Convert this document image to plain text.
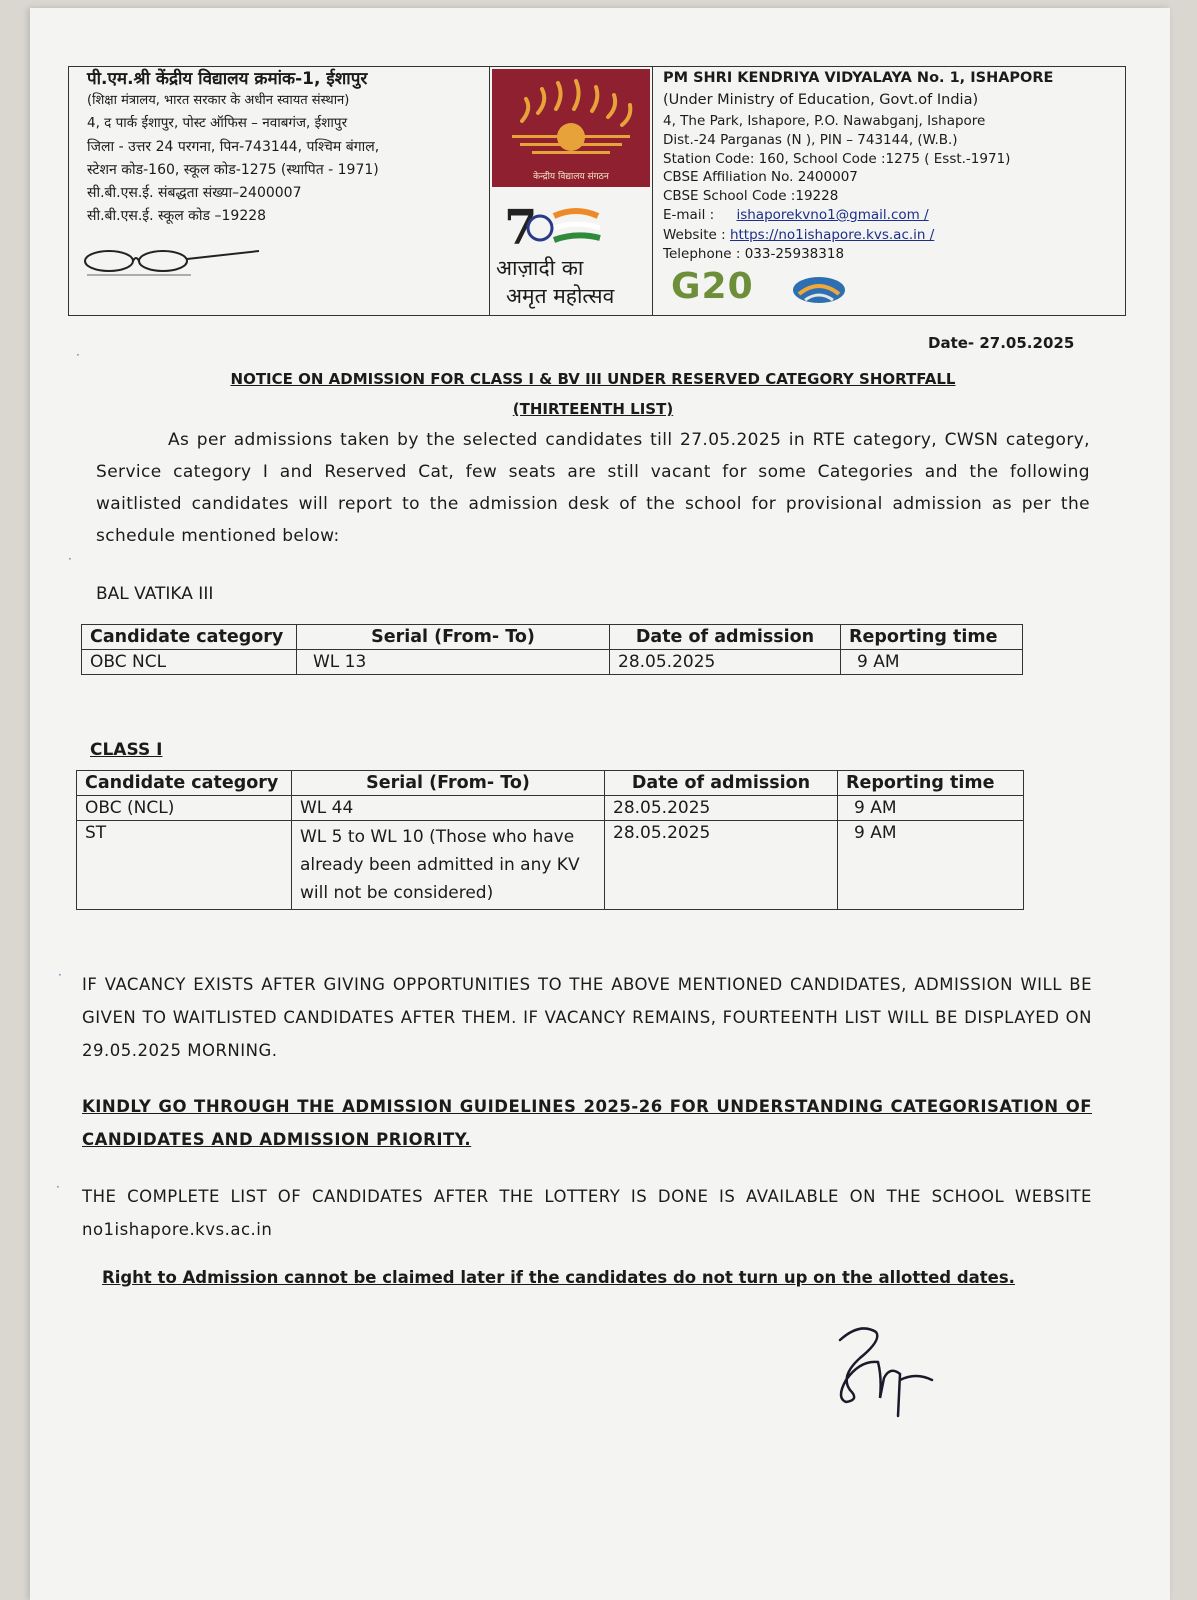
पी.एम.श्री केंद्रीय विद्यालय क्रमांक-1, ईशापुर
(शिक्षा मंत्रालय, भारत सरकार के अधीन स्वायत संस्थान)
4, द पार्क ईशापुर, पोस्ट ऑफिस – नवाबगंज, ईशापुर
जिला - उत्तर 24 परगना, पिन-743144, पश्चिम बंगाल,
स्टेशन कोड-160, स्कूल कोड-1275 (स्थापित - 1971)
सी.बी.एस.ई. संबद्धता संख्या–2400007
सी.बी.एस.ई. स्कूल कोड –19228
केन्द्रीय विद्यालय संगठन
7
आज़ादी का
अमृत महोत्सव
PM SHRI KENDRIYA VIDYALAYA No. 1, ISHAPORE
(Under Ministry of Education, Govt.of India)
4, The Park, Ishapore, P.O. Nawabganj, Ishapore
Dist.-24 Parganas (N ), PIN – 743144, (W.B.)
Station Code: 160, School Code :1275 ( Esst.-1971)
CBSE Affiliation No. 2400007
CBSE School Code :19228
E-mail : ishaporekvno1@gmail.com /
Website : https://no1ishapore.kvs.ac.in /
Telephone : 033-25938318
G20
Date- 27.05.2025
NOTICE ON ADMISSION FOR CLASS I & BV III UNDER RESERVED CATEGORY SHORTFALL
(THIRTEENTH LIST)
As per admissions taken by the selected candidates till 27.05.2025 in RTE category, CWSN category, Service category I and Reserved Cat, few seats are still vacant for some Categories and the following waitlisted candidates will report to the admission desk of the school for provisional admission as per the schedule mentioned below:
BAL VATIKA III
Candidate category	Serial (From- To)	Date of admission	Reporting time
OBC NCL	WL 13	28.05.2025	9 AM
CLASS I
Candidate category	Serial (From- To)	Date of admission	Reporting time
OBC (NCL)	WL 44	28.05.2025	9 AM
ST	WL 5 to WL 10 (Those who have already been admitted in any KV will not be considered)	28.05.2025	9 AM
IF VACANCY EXISTS AFTER GIVING OPPORTUNITIES TO THE ABOVE MENTIONED CANDIDATES, ADMISSION WILL BE GIVEN TO WAITLISTED CANDIDATES AFTER THEM. IF VACANCY REMAINS, FOURTEENTH LIST WILL BE DISPLAYED ON 29.05.2025 MORNING.
KINDLY GO THROUGH THE ADMISSION GUIDELINES 2025-26 FOR UNDERSTANDING CATEGORISATION OF CANDIDATES AND ADMISSION PRIORITY.
THE COMPLETE LIST OF CANDIDATES AFTER THE LOTTERY IS DONE IS AVAILABLE ON THE SCHOOL WEBSITE no1ishapore.kvs.ac.in
Right to Admission cannot be claimed later if the candidates do not turn up on the allotted dates.
·
·
·
·
